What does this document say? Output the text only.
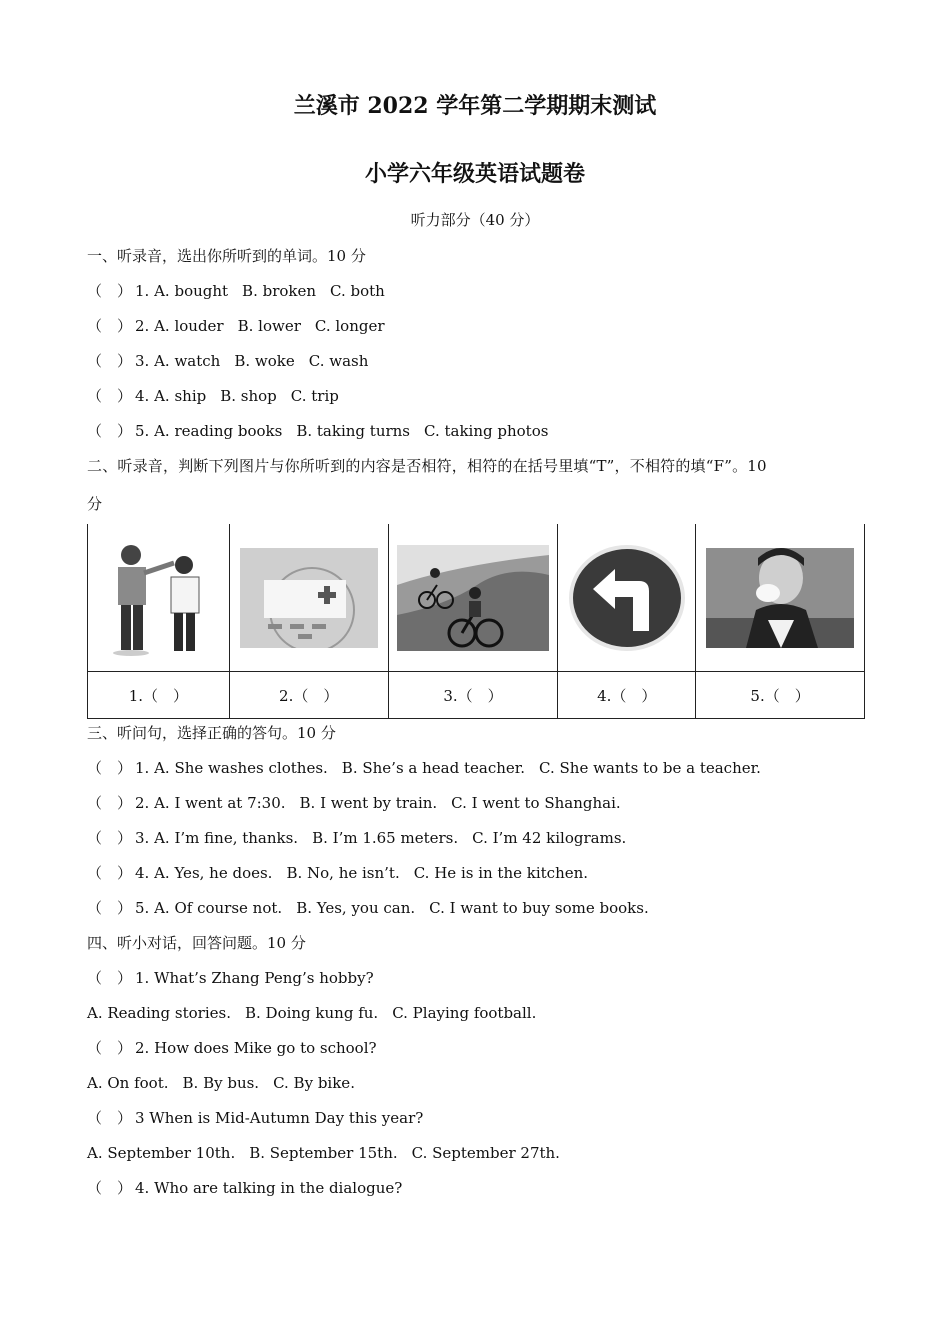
兰溪市 2022 学年第二学期期末测试
小学六年级英语试题卷
听力部分（40 分）
一、听录音，选出你所听到的单词。10 分
（　） 1. A. bought B. broken C. both
（　） 2. A. louder B. lower C. longer
（　） 3. A. watch B. woke C. wash
（　） 4. A. ship B. shop C. trip
（　） 5. A. reading books B. taking turns C. taking photos
二、听录音，判断下列图片与你所听到的内容是否相符，相符的在括号里填“T”，不相符的填“F”。10
分

1.（　）	2.（　）	3.（　）	4.（　）	5.（　）
三、听问句，选择正确的答句。10 分
（　） 1. A. She washes clothes. B. She’s a head teacher. C. She wants to be a teacher.
（　） 2. A. I went at 7:30. B. I went by train. C. I went to Shanghai.
（　） 3. A. I’m fine, thanks. B. I’m 1.65 meters. C. I’m 42 kilograms.
（　） 4. A. Yes, he does. B. No, he isn’t. C. He is in the kitchen.
（　） 5. A. Of course not. B. Yes, you can. C. I want to buy some books.
四、听小对话，回答问题。10 分
（　） 1. What’s Zhang Peng’s hobby?
A. Reading stories. B. Doing kung fu. C. Playing football.
（　） 2. How does Mike go to school?
A. On foot. B. By bus. C. By bike.
（　） 3 When is Mid-Autumn Day this year?
A. September 10th. B. September 15th. C. September 27th.
（　） 4. Who are talking in the dialogue?
